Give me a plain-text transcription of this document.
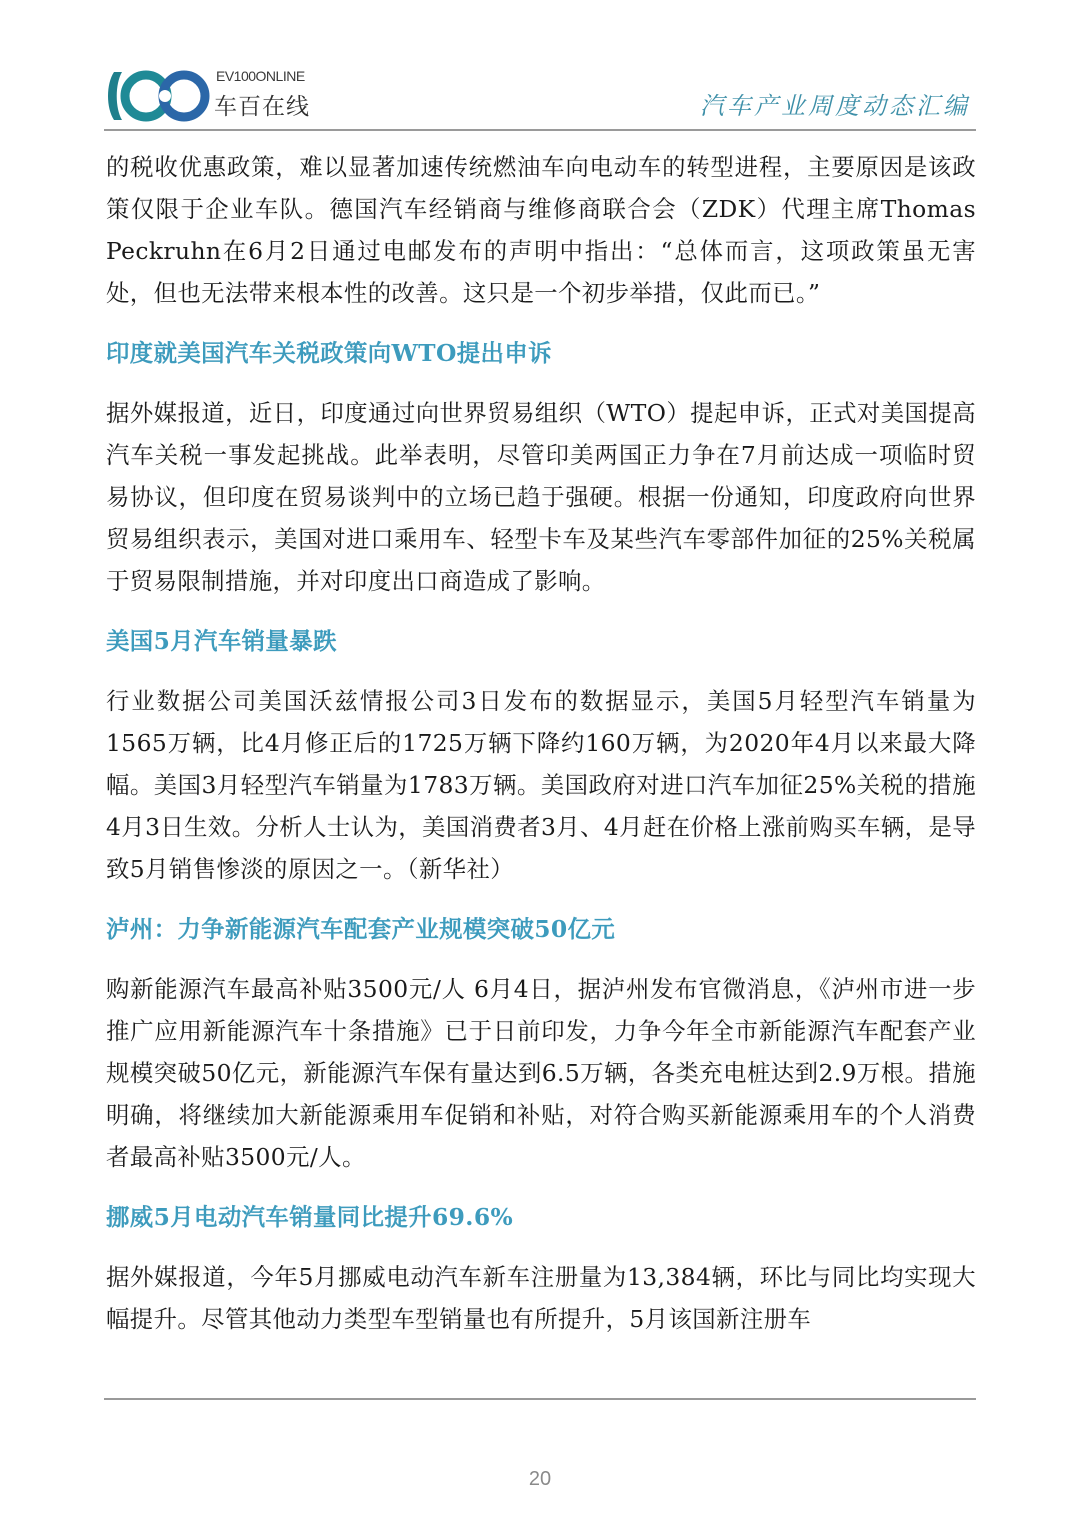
EV100ONLINE
车百在线	汽车产业周度动态汇编

的税收优惠政策，难以显著加速传统燃油车向电动车的转型进程，主要原因是该政策仅限于企业车队。德国汽车经销商与维修商联合会（ZDK）代理主席Thomas Peckruhn在6月2日通过电邮发布的声明中指出：“总体而言，这项政策虽无害处，但也无法带来根本性的改善。这只是一个初步举措，仅此而已。”

印度就美国汽车关税政策向WTO提出申诉

据外媒报道，近日，印度通过向世界贸易组织（WTO）提起申诉，正式对美国提高汽车关税一事发起挑战。此举表明，尽管印美两国正力争在7月前达成一项临时贸易协议，但印度在贸易谈判中的立场已趋于强硬。根据一份通知，印度政府向世界贸易组织表示，美国对进口乘用车、轻型卡车及某些汽车零部件加征的25%关税属于贸易限制措施，并对印度出口商造成了影响。

美国5月汽车销量暴跌

行业数据公司美国沃兹情报公司3日发布的数据显示，美国5月轻型汽车销量为1565万辆，比4月修正后的1725万辆下降约160万辆，为2020年4月以来最大降幅。美国3月轻型汽车销量为1783万辆。美国政府对进口汽车加征25%关税的措施4月3日生效。分析人士认为，美国消费者3月、4月赶在价格上涨前购买车辆，是导致5月销售惨淡的原因之一。（新华社）

泸州：力争新能源汽车配套产业规模突破50亿元

购新能源汽车最高补贴3500元/人 6月4日，据泸州发布官微消息，《泸州市进一步推广应用新能源汽车十条措施》已于日前印发，力争今年全市新能源汽车配套产业规模突破50亿元，新能源汽车保有量达到6.5万辆，各类充电桩达到2.9万根。措施明确，将继续加大新能源乘用车促销和补贴，对符合购买新能源乘用车的个人消费者最高补贴3500元/人。

挪威5月电动汽车销量同比提升69.6%

据外媒报道，今年5月挪威电动汽车新车注册量为13,384辆，环比与同比均实现大幅提升。尽管其他动力类型车型销量也有所提升，5月该国新注册车

20
